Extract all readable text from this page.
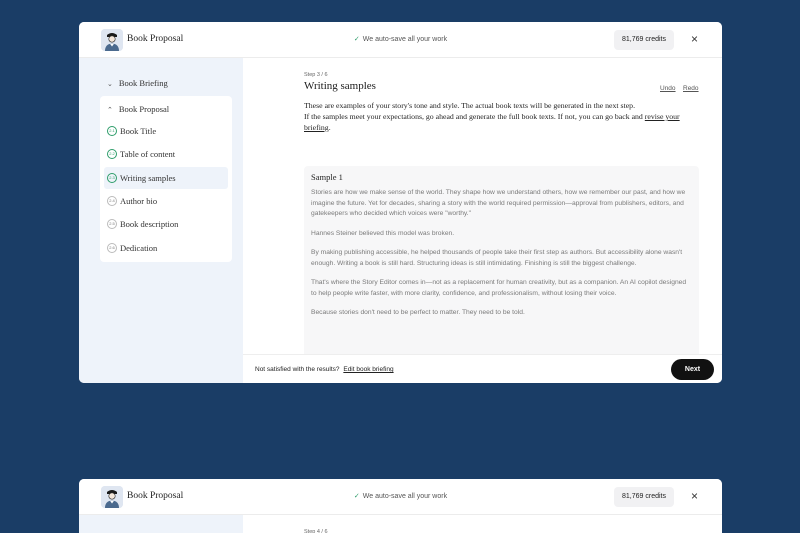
Book Proposal	✓ We auto-save all your work	81,769 credits	×
⌄ Book Briefing
⌃ Book Proposal
2.1 Book Title
2.2 Table of content
2.3 Writing samples
2.4 Author bio
2.5 Book description
2.6 Dedication
Step 3 / 6
Writing samples	Undo Redo
These are examples of your story's tone and style. The actual book texts will be generated in the next step.
If the samples meet your expectations, go ahead and generate the full book texts. If not, you can go back and revise your briefing.
Sample 1

Stories are how we make sense of the world. They shape how we understand others, how we remember our past, and how we imagine the future. Yet for decades, sharing a story with the world required permission—approval from publishers, editors, and gatekeepers who decided which voices were "worthy."

Hannes Steiner believed this model was broken.

By making publishing accessible, he helped thousands of people take their first step as authors. But accessibility alone wasn't enough. Writing a book is still hard. Structuring ideas is still intimidating. Finishing is still the biggest challenge.

That's where the Story Editor comes in—not as a replacement for human creativity, but as a companion. An AI copilot designed to help people write faster, with more clarity, confidence, and professionalism, without losing their voice.

Because stories don't need to be perfect to matter. They need to be told.

Not satisfied with the results? Edit book briefing	Next
Book Proposal	✓ We auto-save all your work	81,769 credits	×
Step 4 / 6
